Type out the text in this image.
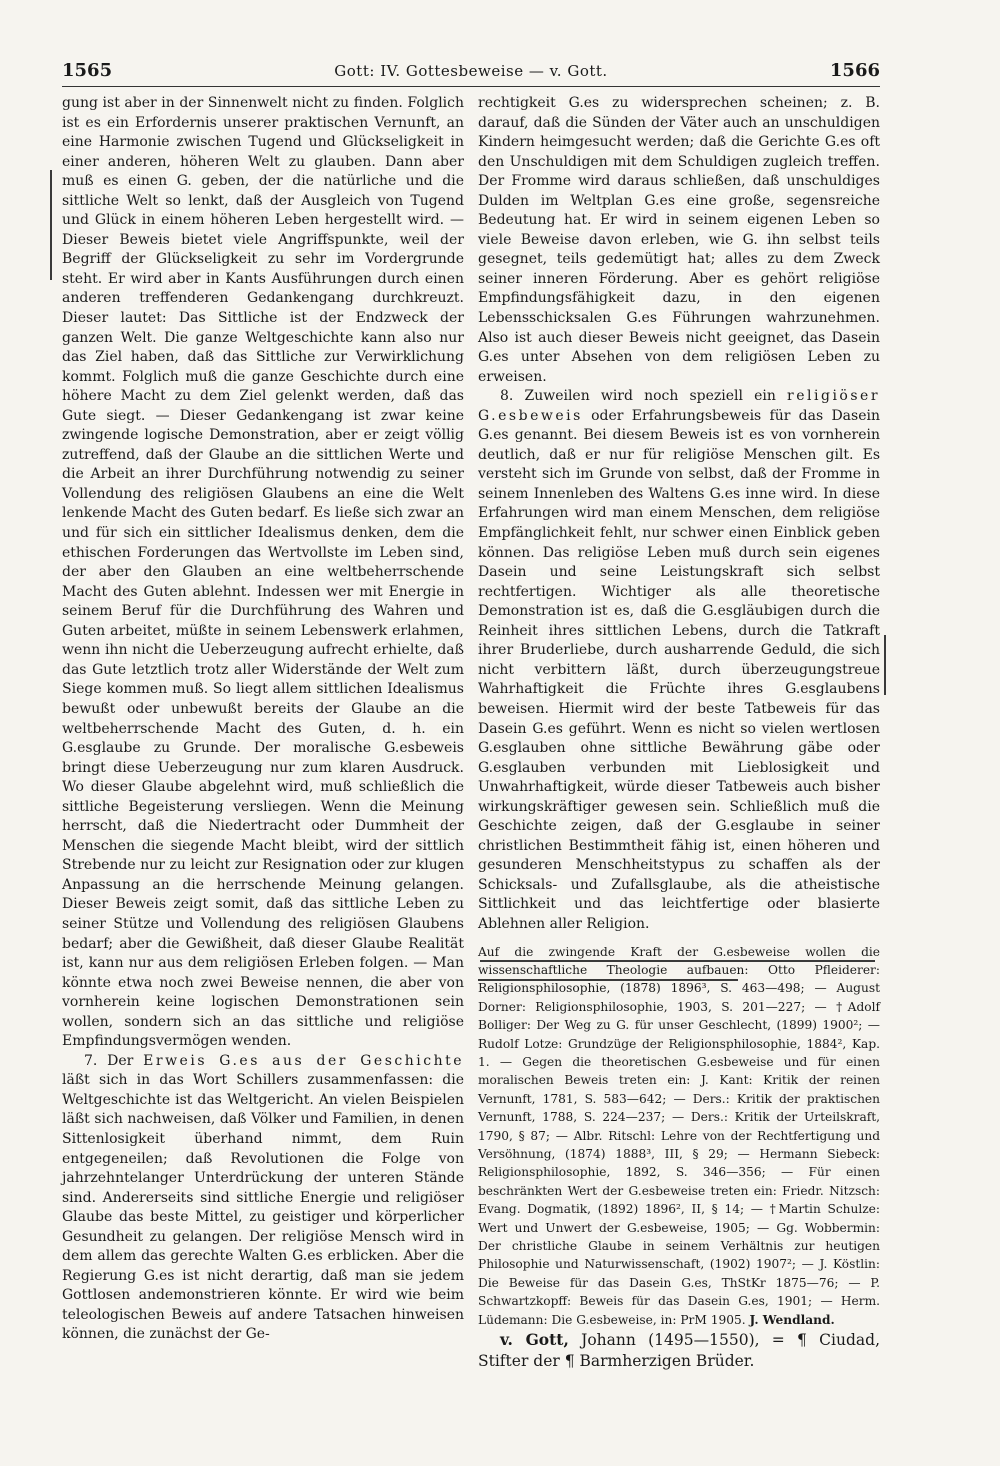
1565	Gott: IV. Gottesbeweise — v. Gott.	1566

gung ist aber in der Sinnenwelt nicht zu finden. Folglich ist es ein Erfordernis unserer praktischen Vernunft, an eine Harmonie zwischen Tugend und Glückseligkeit in einer anderen, höheren Welt zu glauben. Dann aber muß es einen G. geben, der die natürliche und die sittliche Welt so lenkt, daß der Ausgleich von Tugend und Glück in einem höheren Leben hergestellt wird. — Dieser Beweis bietet viele Angriffspunkte, weil der Begriff der Glückseligkeit zu sehr im Vordergrunde steht. Er wird aber in Kants Ausführungen durch einen anderen treffenderen Gedankengang durchkreuzt. Dieser lautet: Das Sittliche ist der Endzweck der ganzen Welt. Die ganze Weltgeschichte kann also nur das Ziel haben, daß das Sittliche zur Verwirklichung kommt. Folglich muß die ganze Geschichte durch eine höhere Macht zu dem Ziel gelenkt werden, daß das Gute siegt. — Dieser Gedankengang ist zwar keine zwingende logische Demonstration, aber er zeigt völlig zutreffend, daß der Glaube an die sittlichen Werte und die Arbeit an ihrer Durchführung notwendig zu seiner Vollendung des religiösen Glaubens an eine die Welt lenkende Macht des Guten bedarf. Es ließe sich zwar an und für sich ein sittlicher Idealismus denken, dem die ethischen Forderungen das Wertvollste im Leben sind, der aber den Glauben an eine weltbeherrschende Macht des Guten ablehnt. Indessen wer mit Energie in seinem Beruf für die Durchführung des Wahren und Guten arbeitet, müßte in seinem Lebenswerk erlahmen, wenn ihn nicht die Ueberzeugung aufrecht erhielte, daß das Gute letztlich trotz aller Widerstände der Welt zum Siege kommen muß. So liegt allem sittlichen Idealismus bewußt oder unbewußt bereits der Glaube an die weltbeherrschende Macht des Guten, d. h. ein G.esglaube zu Grunde. Der moralische G.esbeweis bringt diese Ueberzeugung nur zum klaren Ausdruck. Wo dieser Glaube abgelehnt wird, muß schließlich die sittliche Begeisterung versliegen. Wenn die Meinung herrscht, daß die Niedertracht oder Dummheit der Menschen die siegende Macht bleibt, wird der sittlich Strebende nur zu leicht zur Resignation oder zur klugen Anpassung an die herrschende Meinung gelangen. Dieser Beweis zeigt somit, daß das sittliche Leben zu seiner Stütze und Vollendung des religiösen Glaubens bedarf; aber die Gewißheit, daß dieser Glaube Realität ist, kann nur aus dem religiösen Erleben folgen. — Man könnte etwa noch zwei Beweise nennen, die aber von vornherein keine logischen Demonstrationen sein wollen, sondern sich an das sittliche und religiöse Empfindungsvermögen wenden.

7. Der Erweis G.es aus der Geschichte läßt sich in das Wort Schillers zusammenfassen: die Weltgeschichte ist das Weltgericht. An vielen Beispielen läßt sich nachweisen, daß Völker und Familien, in denen Sittenlosigkeit überhand nimmt, dem Ruin entgegeneilen; daß Revolutionen die Folge von jahrzehntelanger Unterdrückung der unteren Stände sind. Andererseits sind sittliche Energie und religiöser Glaube das beste Mittel, zu geistiger und körperlicher Gesundheit zu gelangen. Der religiöse Mensch wird in dem allem das gerechte Walten G.es erblicken. Aber die Regierung G.es ist nicht derartig, daß man sie jedem Gottlosen andemonstrieren könnte. Er wird wie beim teleologischen Beweis auf andere Tatsachen hinweisen können, die zunächst der Ge-

rechtigkeit G.es zu widersprechen scheinen; z. B. darauf, daß die Sünden der Väter auch an unschuldigen Kindern heimgesucht werden; daß die Gerichte G.es oft den Unschuldigen mit dem Schuldigen zugleich treffen. Der Fromme wird daraus schließen, daß unschuldiges Dulden im Weltplan G.es eine große, segensreiche Bedeutung hat. Er wird in seinem eigenen Leben so viele Beweise davon erleben, wie G. ihn selbst teils gesegnet, teils gedemütigt hat; alles zu dem Zweck seiner inneren Förderung. Aber es gehört religiöse Empfindungsfähigkeit dazu, in den eigenen Lebensschicksalen G.es Führungen wahrzunehmen. Also ist auch dieser Beweis nicht geeignet, das Dasein G.es unter Absehen von dem religiösen Leben zu erweisen.

8. Zuweilen wird noch speziell ein religiöser G.esbeweis oder Erfahrungsbeweis für das Dasein G.es genannt. Bei diesem Beweis ist es von vornherein deutlich, daß er nur für religiöse Menschen gilt. Es versteht sich im Grunde von selbst, daß der Fromme in seinem Innenleben des Waltens G.es inne wird. In diese Erfahrungen wird man einem Menschen, dem religiöse Empfänglichkeit fehlt, nur schwer einen Einblick geben können. Das religiöse Leben muß durch sein eigenes Dasein und seine Leistungskraft sich selbst rechtfertigen. Wichtiger als alle theoretische Demonstration ist es, daß die G.esgläubigen durch die Reinheit ihres sittlichen Lebens, durch die Tatkraft ihrer Bruderliebe, durch ausharrende Geduld, die sich nicht verbittern läßt, durch überzeugungstreue Wahrhaftigkeit die Früchte ihres G.esglaubens beweisen. Hiermit wird der beste Tatbeweis für das Dasein G.es geführt. Wenn es nicht so vielen wertlosen G.esglauben ohne sittliche Bewährung gäbe oder G.esglauben verbunden mit Lieblosigkeit und Unwahrhaftigkeit, würde dieser Tatbeweis auch bisher wirkungskräftiger gewesen sein. Schließlich muß die Geschichte zeigen, daß der G.esglaube in seiner christlichen Bestimmtheit fähig ist, einen höheren und gesunderen Menschheitstypus zu schaffen als der Schicksals- und Zufallsglaube, als die atheistische Sittlichkeit und das leichtfertige oder blasierte Ablehnen aller Religion.

Auf die zwingende Kraft der G.esbeweise wollen die wissenschaftliche Theologie aufbauen: Otto Pfleiderer: Religionsphilosophie, (1878) 1896³, S. 463—498; — August Dorner: Religionsphilosophie, 1903, S. 201—227; — †Adolf Bolliger: Der Weg zu G. für unser Geschlecht, (1899) 1900²; — Rudolf Lotze: Grundzüge der Religionsphilosophie, 1884², Kap. 1. — Gegen die theoretischen G.esbeweise und für einen moralischen Beweis treten ein: J. Kant: Kritik der reinen Vernunft, 1781, S. 583—642; — Ders.: Kritik der praktischen Vernunft, 1788, S. 224—237; — Ders.: Kritik der Urteilskraft, 1790, § 87; — Albr. Ritschl: Lehre von der Rechtfertigung und Versöhnung, (1874) 1888³, III, § 29; — Hermann Siebeck: Religionsphilosophie, 1892, S. 346—356; — Für einen beschränkten Wert der G.esbeweise treten ein: Friedr. Nitzsch: Evang. Dogmatik, (1892) 1896², II, § 14; — †Martin Schulze: Wert und Unwert der G.esbeweise, 1905; — Gg. Wobbermin: Der christliche Glaube in seinem Verhältnis zur heutigen Philosophie und Naturwissenschaft, (1902) 1907²; — J. Köstlin: Die Beweise für das Dasein G.es, ThStKr 1875—76; — P. Schwartzkopff: Beweis für das Dasein G.es, 1901; — Herm. Lüdemann: Die G.esbeweise, in: PrM 1905. J. Wendland.

v. Gott, Johann (1495—1550), = ¶ Ciudad, Stifter der ¶ Barmherzigen Brüder.
